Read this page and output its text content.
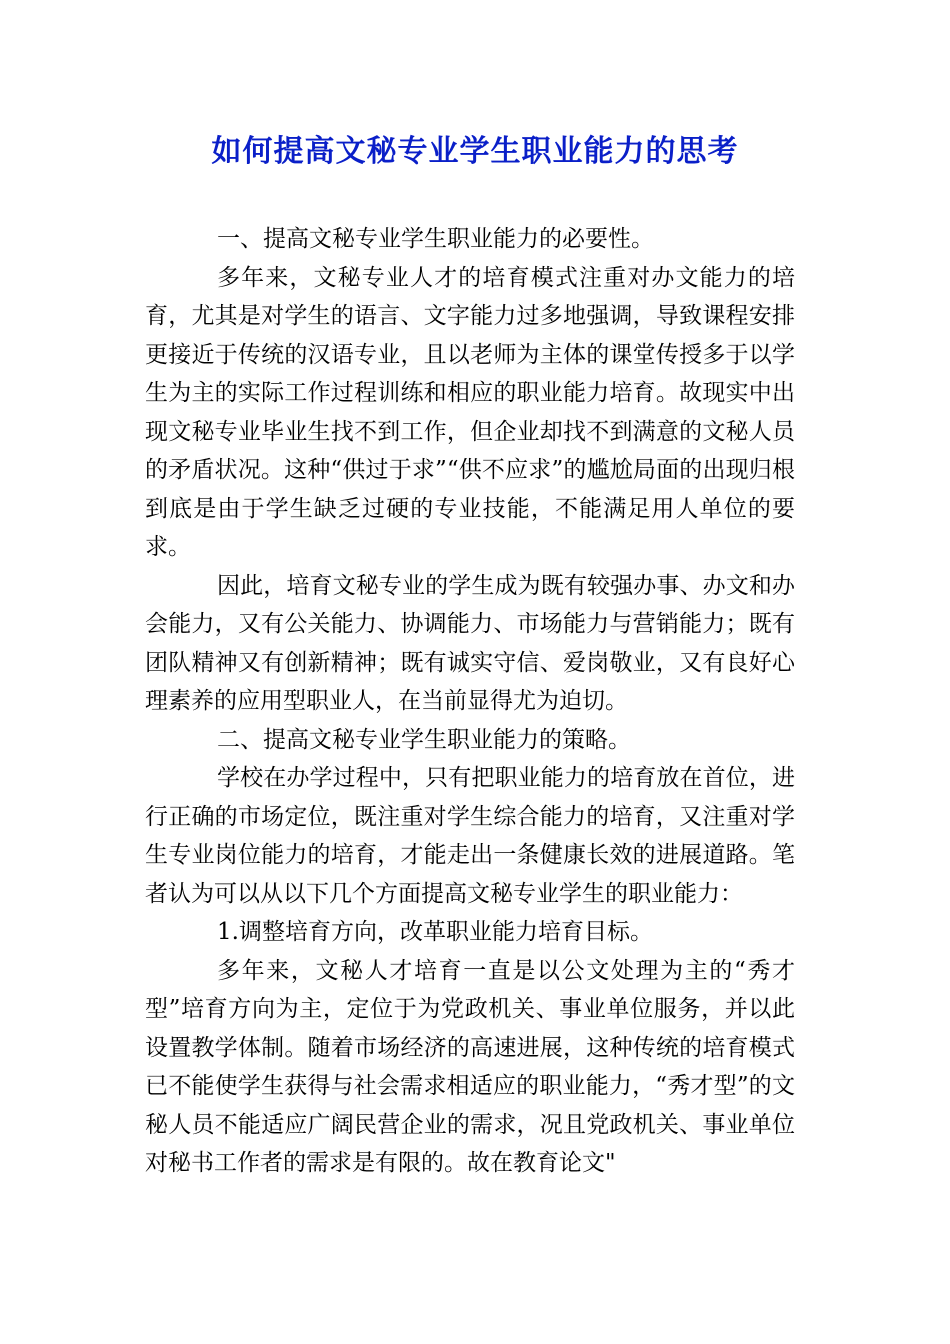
如何提高文秘专业学生职业能力的思考

一、提高文秘专业学生职业能力的必要性。

多年来，文秘专业人才的培育模式注重对办文能力的培育，尤其是对学生的语言、文字能力过多地强调，导致课程安排更接近于传统的汉语专业，且以老师为主体的课堂传授多于以学生为主的实际工作过程训练和相应的职业能力培育。故现实中出现文秘专业毕业生找不到工作，但企业却找不到满意的文秘人员的矛盾状况。这种“供过于求”“供不应求”的尴尬局面的出现归根到底是由于学生缺乏过硬的专业技能，不能满足用人单位的要求。

因此，培育文秘专业的学生成为既有较强办事、办文和办会能力，又有公关能力、协调能力、市场能力与营销能力；既有团队精神又有创新精神；既有诚实守信、爱岗敬业，又有良好心理素养的应用型职业人，在当前显得尤为迫切。

二、提高文秘专业学生职业能力的策略。

学校在办学过程中，只有把职业能力的培育放在首位，进行正确的市场定位，既注重对学生综合能力的培育，又注重对学生专业岗位能力的培育，才能走出一条健康长效的进展道路。笔者认为可以从以下几个方面提高文秘专业学生的职业能力：

1.调整培育方向，改革职业能力培育目标。

多年来，文秘人才培育一直是以公文处理为主的“秀才型”培育方向为主，定位于为党政机关、事业单位服务，并以此设置教学体制。随着市场经济的高速进展，这种传统的培育模式已不能使学生获得与社会需求相适应的职业能力，“秀才型”的文秘人员不能适应广阔民营企业的需求，况且党政机关、事业单位对秘书工作者的需求是有限的。故在教育论文"
